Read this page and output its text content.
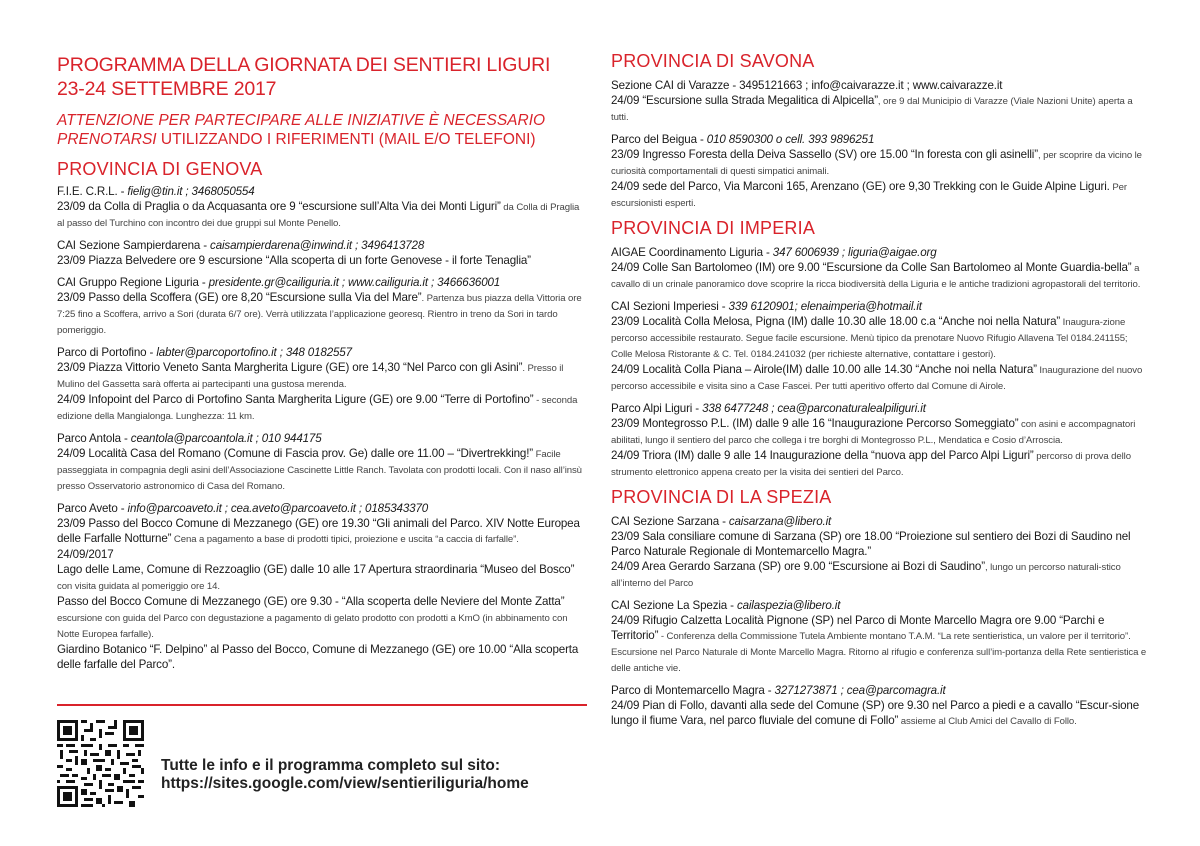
PROGRAMMA DELLA GIORNATA DEI SENTIERI LIGURI
23-24 SETTEMBRE 2017

ATTENZIONE PER PARTECIPARE ALLE INIZIATIVE È NECESSARIO PRENOTARSI UTILIZZANDO I RIFERIMENTI (MAIL E/O TELEFONI)

PROVINCIA DI GENOVA
F.I.E. C.R.L. - fielig@tin.it ; 3468050554
23/09 da Colla di Praglia o da Acquasanta ore 9 “escursione sull’Alta Via dei Monti Liguri” da Colla di Praglia al passo del Turchino con incontro dei due gruppi sul Monte Penello.
CAI Sezione Sampierdarena - caisampierdarena@inwind.it ; 3496413728
23/09 Piazza Belvedere ore 9 escursione “Alla scoperta di un forte Genovese - il forte Tenaglia”
CAI Gruppo Regione Liguria - presidente.gr@cailiguria.it ; www.cailiguria.it ; 3466636001
23/09 Passo della Scoffera (GE) ore 8,20 “Escursione sulla Via del Mare”. Partenza bus piazza della Vittoria ore 7:25 fino a Scoffera, arrivo a Sori (durata 6/7 ore). Verrà utilizzata l’applicazione georesq. Rientro in treno da Sori in tardo pomeriggio.
Parco di Portofino - labter@parcoportofino.it ; 348 0182557
23/09 Piazza Vittorio Veneto Santa Margherita Ligure (GE) ore 14,30 “Nel Parco con gli Asini”. Presso il Mulino del Gassetta sarà offerta ai partecipanti una gustosa merenda.
24/09 Infopoint del Parco di Portofino Santa Margherita Ligure (GE) ore 9.00 “Terre di Portofino” - seconda edizione della Mangialonga. Lunghezza: 11 km.
Parco Antola - ceantola@parcoantola.it ; 010 944175
24/09 Località Casa del Romano (Comune di Fascia prov. Ge) dalle ore 11.00 – “Divertrekking!” Facile passeggiata in compagnia degli asini dell’Associazione Cascinette Little Ranch. Tavolata con prodotti locali. Con il naso all’insù presso Osservatorio astronomico di Casa del Romano.
Parco Aveto - info@parcoaveto.it ; cea.aveto@parcoaveto.it ; 0185343370
23/09 Passo del Bocco Comune di Mezzanego (GE) ore 19.30 “Gli animali del Parco. XIV Notte Europea delle Farfalle Notturne” Cena a pagamento a base di prodotti tipici, proiezione e uscita “a caccia di farfalle”.
24/09/2017
Lago delle Lame, Comune di Rezzoaglio (GE) dalle 10 alle 17 Apertura straordinaria “Museo del Bosco” con visita guidata al pomeriggio ore 14.
Passo del Bocco Comune di Mezzanego (GE) ore 9.30 - “Alla scoperta delle Neviere del Monte Zatta” escursione con guida del Parco con degustazione a pagamento di gelato prodotto con prodotti a KmO (in abbinamento con Notte Europea farfalle).
Giardino Botanico “F. Delpino” al Passo del Bocco, Comune di Mezzanego (GE) ore 10.00 “Alla scoperta delle farfalle del Parco”.
PROVINCIA DI SAVONA
Sezione CAI di Varazze - 3495121663 ; info@caivarazze.it ; www.caivarazze.it
24/09 “Escursione sulla Strada Megalitica di Alpicella”, ore 9 dal Municipio di Varazze (Viale Nazioni Unite) aperta a tutti.
Parco del Beigua - 010 8590300 o cell. 393 9896251
23/09 Ingresso Foresta della Deiva Sassello (SV) ore 15.00 “In foresta con gli asinelli”, per scoprire da vicino le curiosità comportamentali di questi simpatici animali.
24/09 sede del Parco, Via Marconi 165, Arenzano (GE) ore 9,30 Trekking con le Guide Alpine Liguri. Per escursionisti esperti.
PROVINCIA DI IMPERIA
AIGAE Coordinamento Liguria - 347 6006939 ; liguria@aigae.org
24/09 Colle San Bartolomeo (IM) ore 9.00 “Escursione da Colle San Bartolomeo al Monte Guardia-bella” a cavallo di un crinale panoramico dove scoprire la ricca biodiversità della Liguria e le antiche tradizioni agropastorali del territorio.
CAI Sezioni Imperiesi - 339 6120901; elenaimperia@hotmail.it
23/09 Località Colla Melosa, Pigna (IM) dalle 10.30 alle 18.00 c.a “Anche noi nella Natura” Inaugura-zione percorso accessibile restaurato. Segue facile escursione. Menù tipico da prenotare Nuovo Rifugio Allavena Tel 0184.241155; Colle Melosa Ristorante & C. Tel. 0184.241032 (per richieste alternative, contattare i gestori).
24/09 Località Colla Piana – Airole(IM) dalle 10.00 alle 14.30 “Anche noi nella Natura” Inaugurazione del nuovo percorso accessibile e visita sino a Case Fascei. Per tutti aperitivo offerto dal Comune di Airole.
Parco Alpi Liguri - 338 6477248 ; cea@parconaturalealpiliguri.it
23/09 Montegrosso P.L. (IM) dalle 9 alle 16 “Inaugurazione Percorso Someggiato” con asini e accompagnatori abilitati, lungo il sentiero del parco che collega i tre borghi di Montegrosso P.L., Mendatica e Cosio d’Arroscia.
24/09 Triora (IM) dalle 9 alle 14 Inaugurazione della “nuova app del Parco Alpi Liguri” percorso di prova dello strumento elettronico appena creato per la visita dei sentieri del Parco.
PROVINCIA DI LA SPEZIA
CAI Sezione Sarzana - caisarzana@libero.it
23/09 Sala consiliare comune di Sarzana (SP) ore 18.00 “Proiezione sul sentiero dei Bozi di Saudino nel Parco Naturale Regionale di Montemarcello Magra.”
24/09 Area Gerardo Sarzana (SP) ore 9.00 “Escursione ai Bozi di Saudino”, lungo un percorso naturali-stico all’interno del Parco
CAI Sezione La Spezia - cailaspezia@libero.it
24/09 Rifugio Calzetta Località Pignone (SP) nel Parco di Monte Marcello Magra ore 9.00 “Parchi e Territorio” - Conferenza della Commissione Tutela Ambiente montano T.A.M. “La rete sentieristica, un valore per il territorio”. Escursione nel Parco Naturale di Monte Marcello Magra. Ritorno al rifugio e conferenza sull’im-portanza della Rete sentieristica e delle antiche vie.
Parco di Montemarcello Magra - 3271273871 ; cea@parcomagra.it
24/09 Pian di Follo, davanti alla sede del Comune (SP) ore 9.30 nel Parco a piedi e a cavallo “Escur-sione lungo il fiume Vara, nel parco fluviale del comune di Follo” assieme al Club Amici del Cavallo di Follo.
Tutte le info e il programma completo sul sito:
https://sites.google.com/view/sentieriliguria/home
